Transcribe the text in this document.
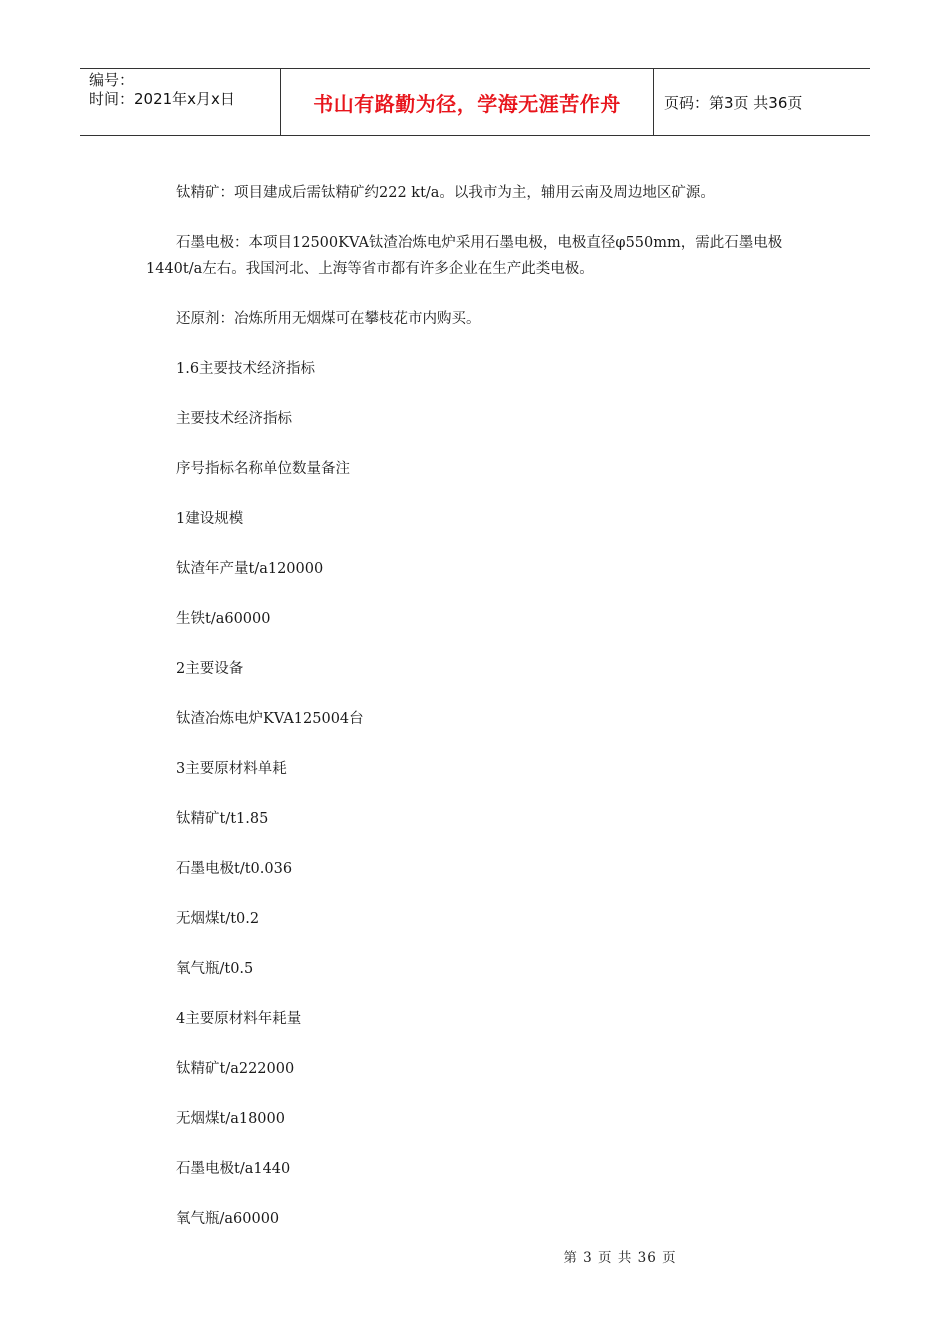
编号：
时间：2021年x月x日	书山有路勤为径，学海无涯苦作舟	页码：第3页 共36页

钛精矿：项目建成后需钛精矿约222 kt/a。以我市为主，辅用云南及周边地区矿源。

石墨电极：本项目12500KVA钛渣冶炼电炉采用石墨电极，电极直径φ550mm，需此石墨电极1440t/a左右。我国河北、上海等省市都有许多企业在生产此类电极。

还原剂：冶炼所用无烟煤可在攀枝花市内购买。

1.6主要技术经济指标

主要技术经济指标

序号指标名称单位数量备注

1建设规模

钛渣年产量t/a120000

生铁t/a60000

2主要设备

钛渣冶炼电炉KVA125004台

3主要原材料单耗

钛精矿t/t1.85

石墨电极t/t0.036

无烟煤t/t0.2

氧气瓶/t0.5

4主要原材料年耗量

钛精矿t/a222000

无烟煤t/a18000

石墨电极t/a1440

氧气瓶/a60000

第 3 页 共 36 页
